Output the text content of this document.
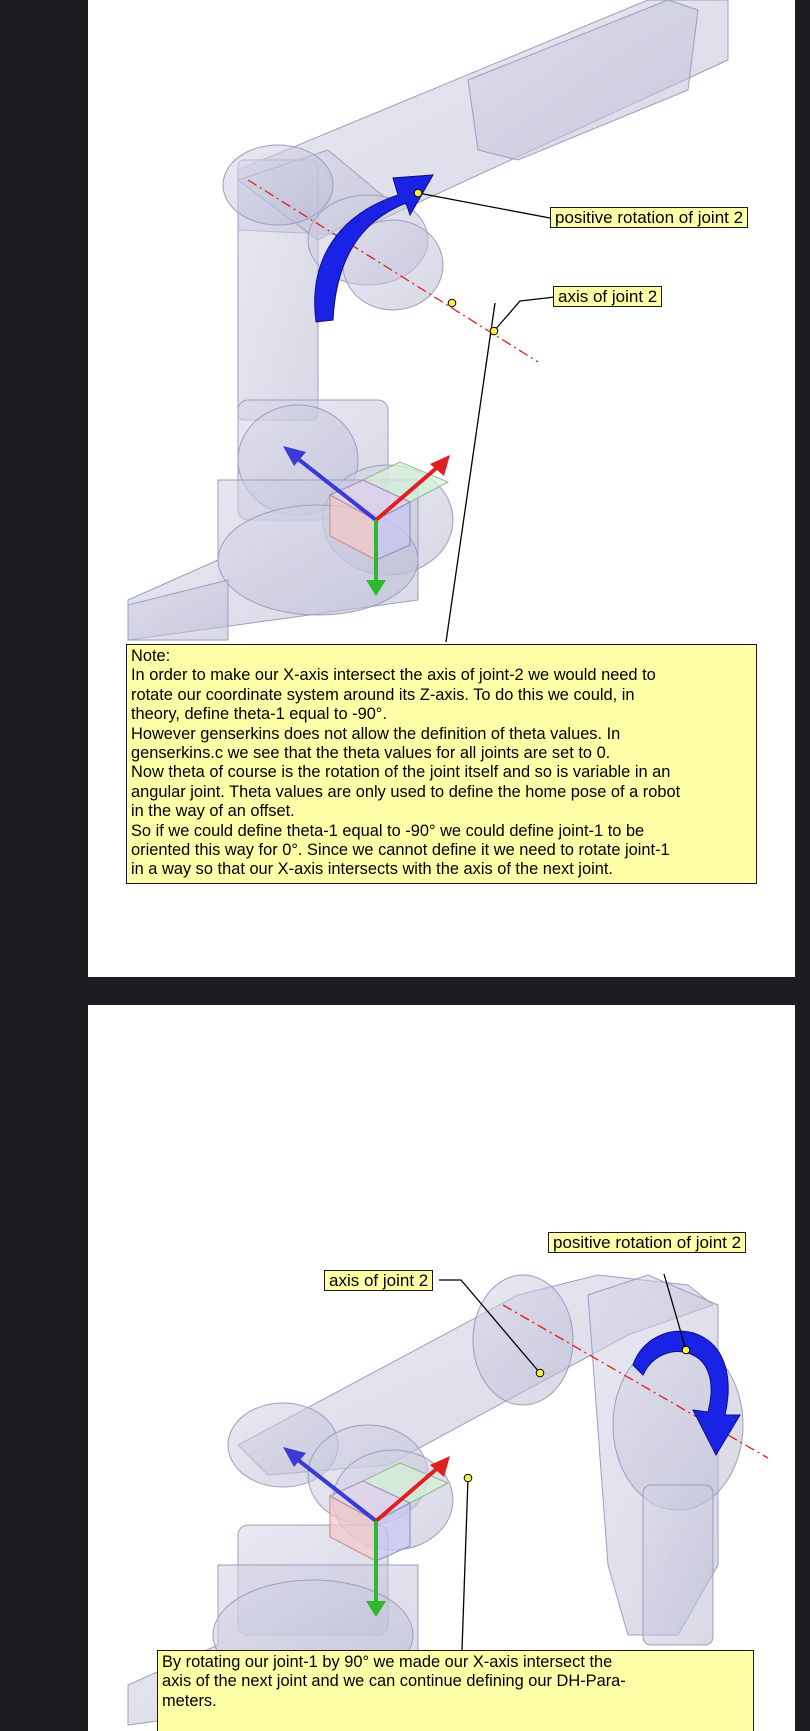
positive rotation of joint 2
axis of joint 2

Note:

In order to make our X-axis intersect the axis of joint-2 we would need to

rotate our coordinate system around its Z-axis. To do this we could, in

theory, define theta-1 equal to -90°.

However genserkins does not allow the definition of theta values. In

genserkins.c we see that the theta values for all joints are set to 0.

Now theta of course is the rotation of the joint itself and so is variable in an

angular joint. Theta values are only used to define the home pose of a robot

in the way of an offset.

So if we could define theta-1 equal to -90° we could define joint-1 to be

oriented this way for 0°. Since we cannot define it we need to rotate joint-1

in a way so that our X-axis intersects with the axis of the next joint.

positive rotation of joint 2
axis of joint 2

By rotating our joint-1 by 90° we made our X-axis intersect the

axis of the next joint and we can continue defining our DH-Para-

meters.
